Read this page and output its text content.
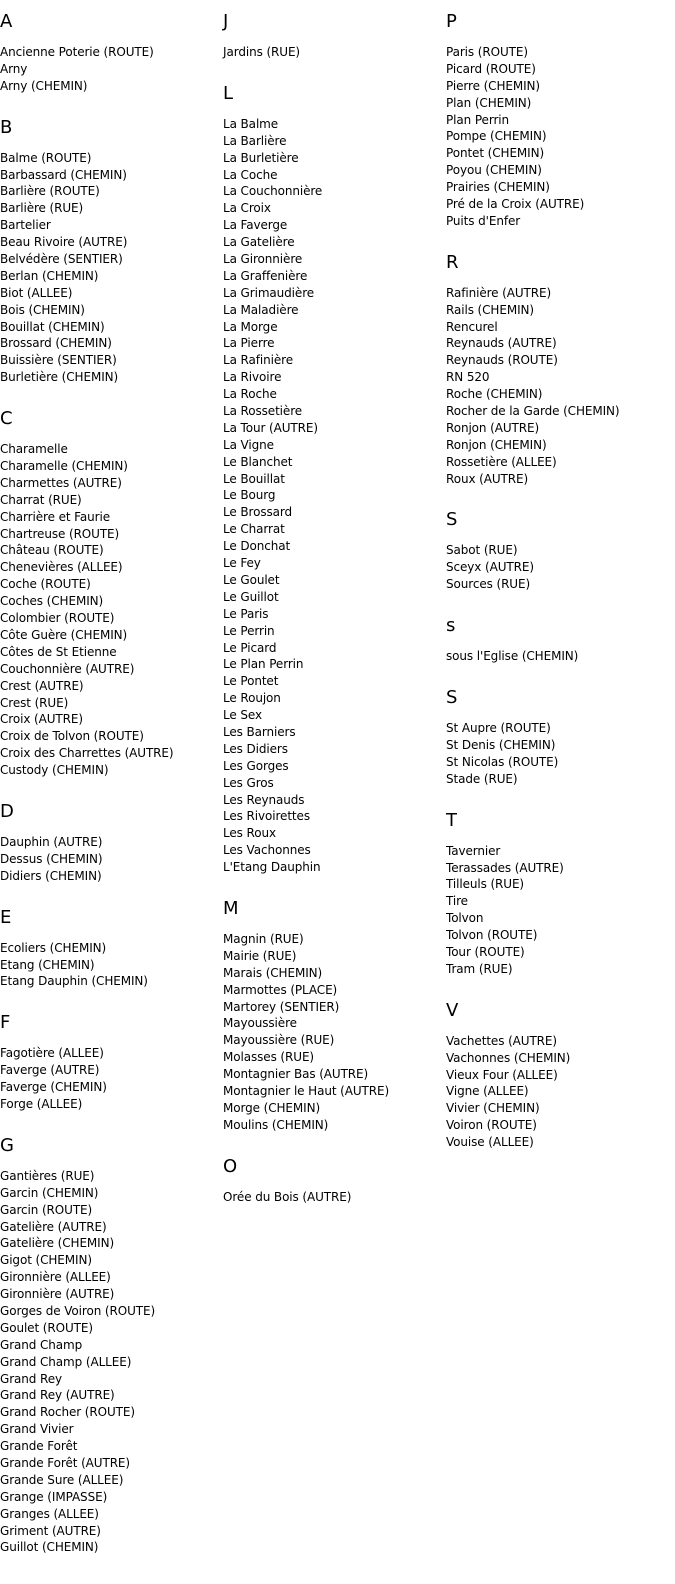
A
Ancienne Poterie (ROUTE)
Arny
Arny (CHEMIN)
B
Balme (ROUTE)
Barbassard (CHEMIN)
Barlière (ROUTE)
Barlière (RUE)
Bartelier
Beau Rivoire (AUTRE)
Belvédère (SENTIER)
Berlan (CHEMIN)
Biot (ALLEE)
Bois (CHEMIN)
Bouillat (CHEMIN)
Brossard (CHEMIN)
Buissière (SENTIER)
Burletière (CHEMIN)
C
Charamelle
Charamelle (CHEMIN)
Charmettes (AUTRE)
Charrat (RUE)
Charrière et Faurie
Chartreuse (ROUTE)
Château (ROUTE)
Chenevières (ALLEE)
Coche (ROUTE)
Coches (CHEMIN)
Colombier (ROUTE)
Côte Guère (CHEMIN)
Côtes de St Etienne
Couchonnière (AUTRE)
Crest (AUTRE)
Crest (RUE)
Croix (AUTRE)
Croix de Tolvon (ROUTE)
Croix des Charrettes (AUTRE)
Custody (CHEMIN)
D
Dauphin (AUTRE)
Dessus (CHEMIN)
Didiers (CHEMIN)
E
Ecoliers (CHEMIN)
Etang (CHEMIN)
Etang Dauphin (CHEMIN)
F
Fagotière (ALLEE)
Faverge (AUTRE)
Faverge (CHEMIN)
Forge (ALLEE)
G
Gantières (RUE)
Garcin (CHEMIN)
Garcin (ROUTE)
Gatelière (AUTRE)
Gatelière (CHEMIN)
Gigot (CHEMIN)
Gironnière (ALLEE)
Gironnière (AUTRE)
Gorges de Voiron (ROUTE)
Goulet (ROUTE)
Grand Champ
Grand Champ (ALLEE)
Grand Rey
Grand Rey (AUTRE)
Grand Rocher (ROUTE)
Grand Vivier
Grande Forêt
Grande Forêt (AUTRE)
Grande Sure (ALLEE)
Grange (IMPASSE)
Granges (ALLEE)
Griment (AUTRE)
Guillot (CHEMIN)
J
Jardins (RUE)
L
La Balme
La Barlière
La Burletière
La Coche
La Couchonnière
La Croix
La Faverge
La Gatelière
La Gironnière
La Graffenière
La Grimaudière
La Maladière
La Morge
La Pierre
La Rafinière
La Rivoire
La Roche
La Rossetière
La Tour (AUTRE)
La Vigne
Le Blanchet
Le Bouillat
Le Bourg
Le Brossard
Le Charrat
Le Donchat
Le Fey
Le Goulet
Le Guillot
Le Paris
Le Perrin
Le Picard
Le Plan Perrin
Le Pontet
Le Roujon
Le Sex
Les Barniers
Les Didiers
Les Gorges
Les Gros
Les Reynauds
Les Rivoirettes
Les Roux
Les Vachonnes
L'Etang Dauphin
M
Magnin (RUE)
Mairie (RUE)
Marais (CHEMIN)
Marmottes (PLACE)
Martorey (SENTIER)
Mayoussière
Mayoussière (RUE)
Molasses (RUE)
Montagnier Bas (AUTRE)
Montagnier le Haut (AUTRE)
Morge (CHEMIN)
Moulins (CHEMIN)
O
Orée du Bois (AUTRE)
P
Paris (ROUTE)
Picard (ROUTE)
Pierre (CHEMIN)
Plan (CHEMIN)
Plan Perrin
Pompe (CHEMIN)
Pontet (CHEMIN)
Poyou (CHEMIN)
Prairies (CHEMIN)
Pré de la Croix (AUTRE)
Puits d'Enfer
R
Rafinière (AUTRE)
Rails (CHEMIN)
Rencurel
Reynauds (AUTRE)
Reynauds (ROUTE)
RN 520
Roche (CHEMIN)
Rocher de la Garde (CHEMIN)
Ronjon (AUTRE)
Ronjon (CHEMIN)
Rossetière (ALLEE)
Roux (AUTRE)
S
Sabot (RUE)
Sceyx (AUTRE)
Sources (RUE)
s
sous l'Eglise (CHEMIN)
S
St Aupre (ROUTE)
St Denis (CHEMIN)
St Nicolas (ROUTE)
Stade (RUE)
T
Tavernier
Terassades (AUTRE)
Tilleuls (RUE)
Tire
Tolvon
Tolvon (ROUTE)
Tour (ROUTE)
Tram (RUE)
V
Vachettes (AUTRE)
Vachonnes (CHEMIN)
Vieux Four (ALLEE)
Vigne (ALLEE)
Vivier (CHEMIN)
Voiron (ROUTE)
Vouise (ALLEE)
